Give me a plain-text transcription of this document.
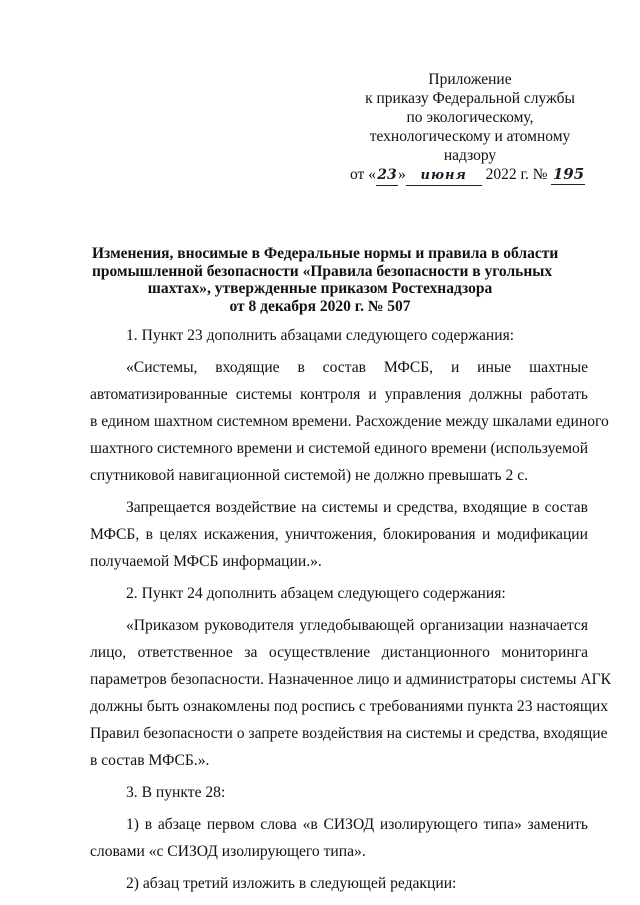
Приложение
к приказу Федеральной службы
по экологическому,
технологическому и атомному
надзору
от «23» июня 2022 г. № 195
Изменения, вносимые в Федеральные нормы и правила в области
промышленной безопасности «Правила безопасности в угольных
шахтах», утвержденные приказом Ростехнадзора
от 8 декабря 2020 г. № 507
1. Пункт 23 дополнить абзацами следующего содержания:
«Системы, входящие в состав МФСБ, и иные шахтные
автоматизированные системы контроля и управления должны работать
в едином шахтном системном времени. Расхождение между шкалами единого
шахтного системного времени и системой единого времени (используемой
спутниковой навигационной системой) не должно превышать 2 с.
Запрещается воздействие на системы и средства, входящие в состав
МФСБ, в целях искажения, уничтожения, блокирования и модификации
получаемой МФСБ информации.».
2. Пункт 24 дополнить абзацем следующего содержания:
«Приказом руководителя угледобывающей организации назначается
лицо, ответственное за осуществление дистанционного мониторинга
параметров безопасности. Назначенное лицо и администраторы системы АГК
должны быть ознакомлены под роспись с требованиями пункта 23 настоящих
Правил безопасности о запрете воздействия на системы и средства, входящие
в состав МФСБ.».
3. В пункте 28:
1) в абзаце первом слова «в СИЗОД изолирующего типа» заменить
словами «с СИЗОД изолирующего типа».
2) абзац третий изложить в следующей редакции:
